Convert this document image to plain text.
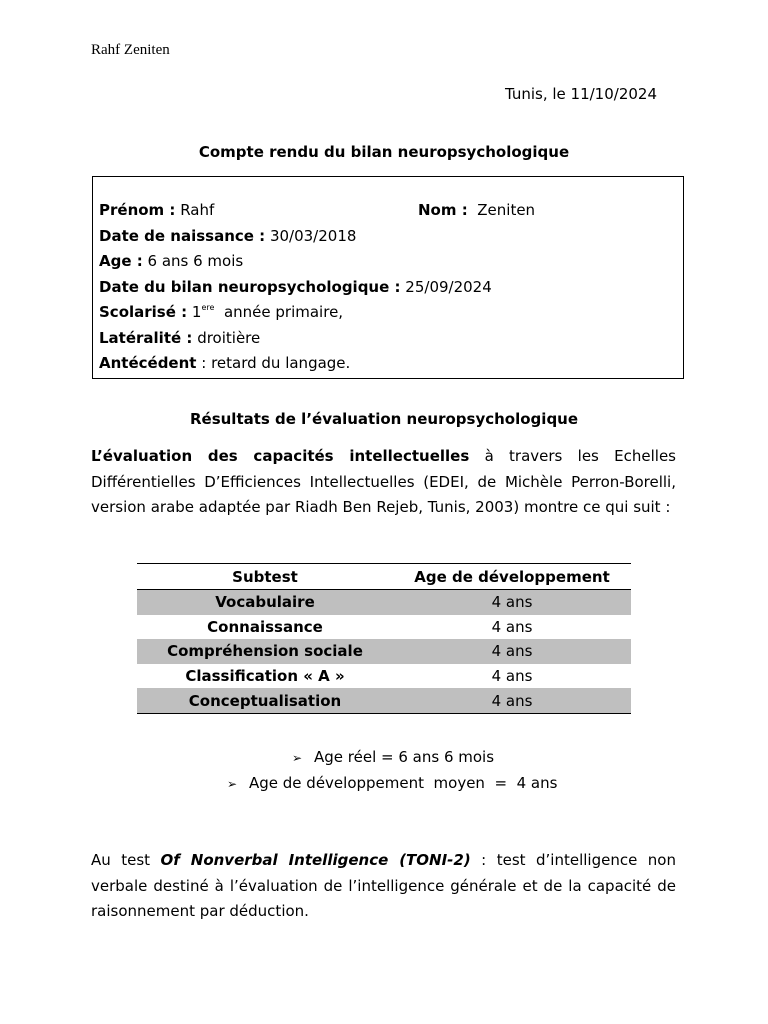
Rahf Zeniten
Tunis, le 11/10/2024
Compte rendu du bilan neuropsychologique
Prénom : Rahf	Nom : Zeniten
Date de naissance : 30/03/2018
Age : 6 ans 6 mois
Date du bilan neuropsychologique : 25/09/2024
Scolarisé : 1ere année primaire,
Latéralité : droitière
Antécédent : retard du langage.
Résultats de l’évaluation neuropsychologique
L’évaluation des capacités intellectuelles à travers les Echelles Différentielles D’Efficiences Intellectuelles (EDEI, de Michèle Perron-Borelli, version arabe adaptée par Riadh Ben Rejeb, Tunis, 2003) montre ce qui suit :
Subtest	Age de développement
Vocabulaire	4 ans
Connaissance	4 ans
Compréhension sociale	4 ans
Classification « A »	4 ans
Conceptualisation	4 ans
➢ Age réel = 6 ans 6 mois
➢ Age de développement  moyen  =  4 ans
Au test Of Nonverbal Intelligence (TONI-2) : test d’intelligence non verbale destiné à l’évaluation de l’intelligence générale et de la capacité de raisonnement par déduction.
